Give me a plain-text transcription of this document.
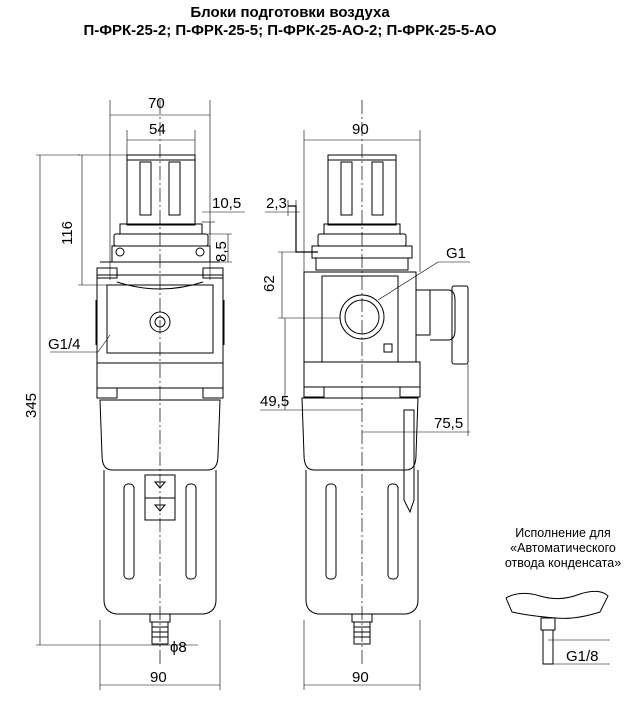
Блоки подготовки воздуха
П-ФРК-25-2; П-ФРК-25-5; П-ФРК-25-АО-2; П-ФРК-25-5-АО
70
54
10,5
116
8,5
G1/4
345
ϕ8
90
90
2,3
62
G1
49,5
75,5
90
G1/8
Исполнение для
«Автоматического
отвода конденсата»
